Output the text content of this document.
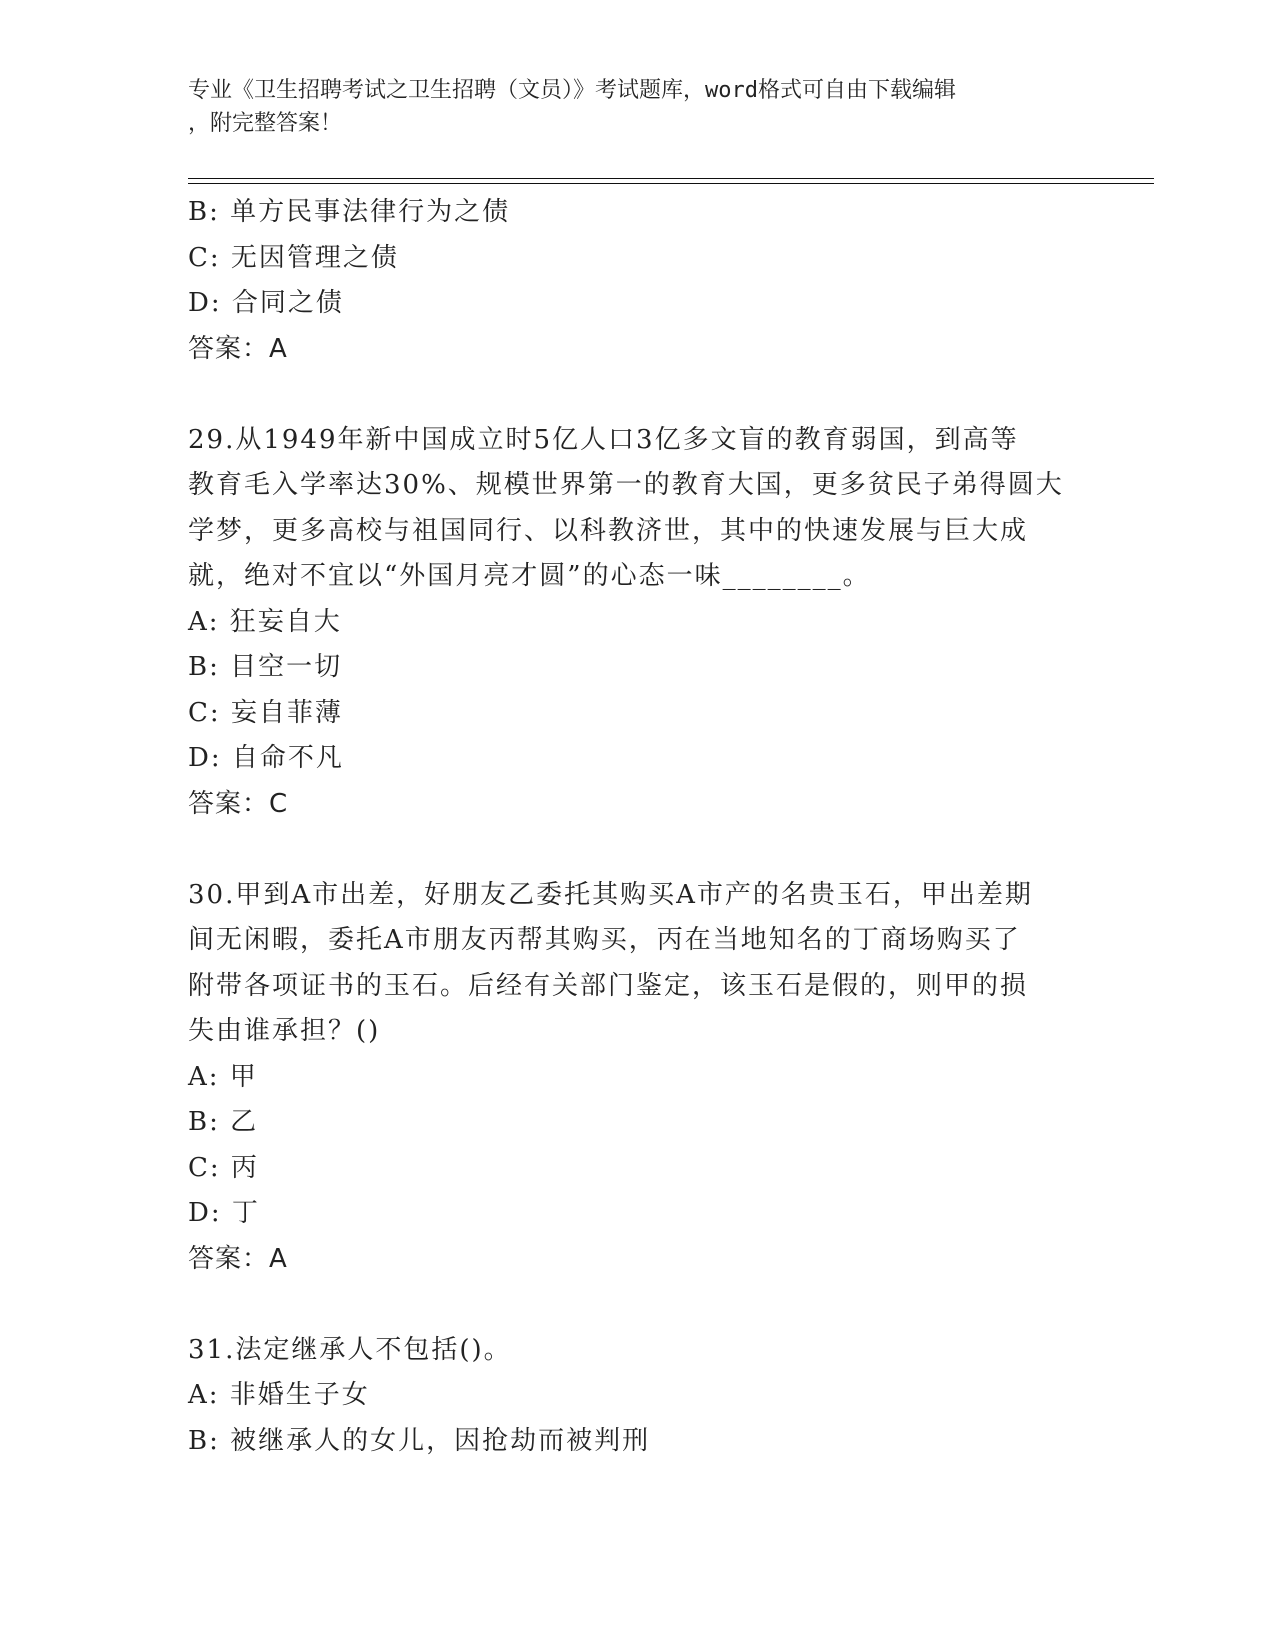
专业《卫生招聘考试之卫生招聘（文员）》考试题库，word格式可自由下载编辑
，附完整答案！
B: 单方民事法律行为之债
C: 无因管理之债
D: 合同之债
答案：A
29.从1949年新中国成立时5亿人口3亿多文盲的教育弱国，到高等
教育毛入学率达30%、规模世界第一的教育大国，更多贫民子弟得圆大
学梦，更多高校与祖国同行、以科教济世，其中的快速发展与巨大成
就，绝对不宜以“外国月亮才圆”的心态一味________。
A: 狂妄自大
B: 目空一切
C: 妄自菲薄
D: 自命不凡
答案：C
30.甲到A市出差，好朋友乙委托其购买A市产的名贵玉石，甲出差期
间无闲暇，委托A市朋友丙帮其购买，丙在当地知名的丁商场购买了
附带各项证书的玉石。后经有关部门鉴定，该玉石是假的，则甲的损
失由谁承担？()
A: 甲
B: 乙
C: 丙
D: 丁
答案：A
31.法定继承人不包括()。
A: 非婚生子女
B: 被继承人的女儿，因抢劫而被判刑
